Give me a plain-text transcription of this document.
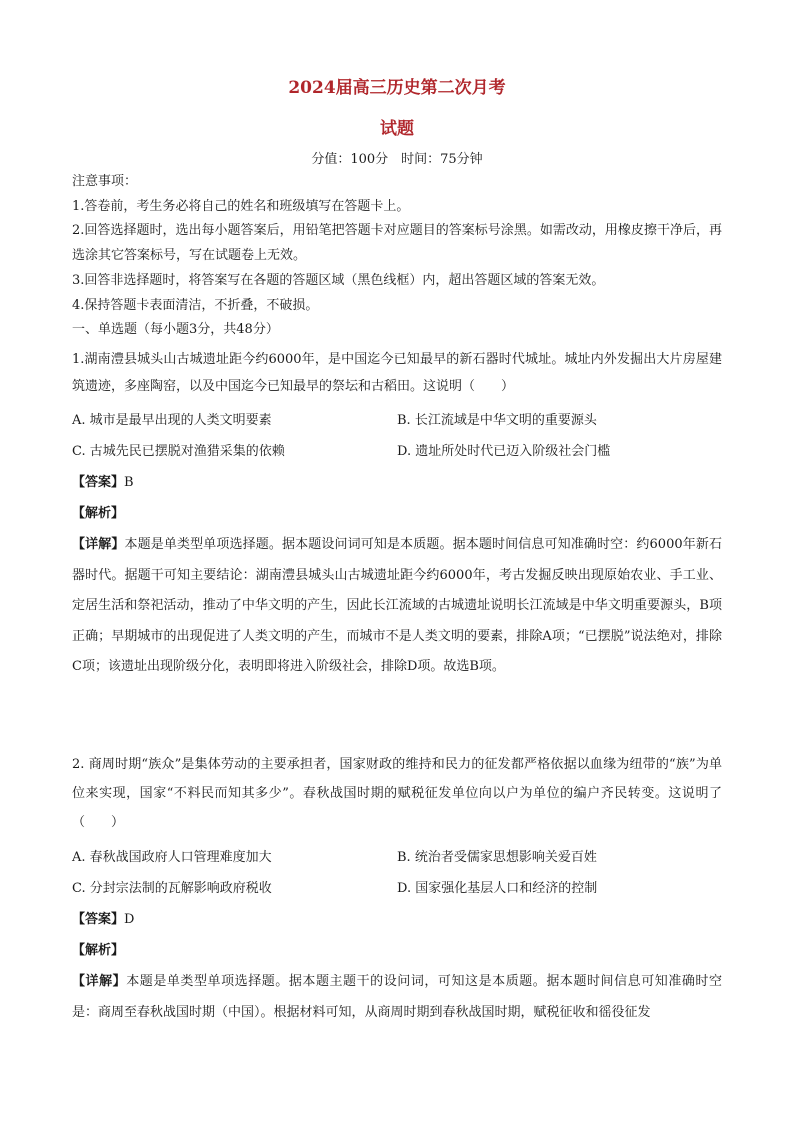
2024届高三历史第二次月考
试题
分值：100分　时间：75分钟
注意事项：
1.答卷前，考生务必将自己的姓名和班级填写在答题卡上。
2.回答选择题时，选出每小题答案后，用铅笔把答题卡对应题目的答案标号涂黑。如需改动，用橡皮擦干净后，再选涂其它答案标号，写在试题卷上无效。
3.回答非选择题时，将答案写在各题的答题区域（黑色线框）内，超出答题区域的答案无效。
4.保持答题卡表面清洁，不折叠，不破损。
一、单选题（每小题3分，共48分）
1.湖南澧县城头山古城遗址距今约6000年，是中国迄今已知最早的新石器时代城址。城址内外发掘出大片房屋建筑遗迹，多座陶窑，以及中国迄今已知最早的祭坛和古稻田。这说明（　　）
A. 城市是最早出现的人类文明要素	B. 长江流域是中华文明的重要源头
C. 古城先民已摆脱对渔猎采集的依赖	D. 遗址所处时代已迈入阶级社会门槛
【答案】B
【解析】
【详解】本题是单类型单项选择题。据本题设问词可知是本质题。据本题时间信息可知准确时空：约6000年新石器时代。据题干可知主要结论：湖南澧县城头山古城遗址距今约6000年，考古发掘反映出现原始农业、手工业、定居生活和祭祀活动，推动了中华文明的产生，因此长江流域的古城遗址说明长江流域是中华文明重要源头，B项正确；早期城市的出现促进了人类文明的产生，而城市不是人类文明的要素，排除A项；“已摆脱”说法绝对，排除C项；该遗址出现阶级分化，表明即将进入阶级社会，排除D项。故选B项。
2. 商周时期“族众”是集体劳动的主要承担者，国家财政的维持和民力的征发都严格依据以血缘为纽带的“族”为单位来实现，国家“不料民而知其多少”。春秋战国时期的赋税征发单位向以户为单位的编户齐民转变。这说明了（　　）
A. 春秋战国政府人口管理难度加大	B. 统治者受儒家思想影响关爱百姓
C. 分封宗法制的瓦解影响政府税收	D. 国家强化基层人口和经济的控制
【答案】D
【解析】
【详解】本题是单类型单项选择题。据本题主题干的设问词，可知这是本质题。据本题时间信息可知准确时空是：商周至春秋战国时期（中国）。根据材料可知，从商周时期到春秋战国时期，赋税征收和徭役征发
